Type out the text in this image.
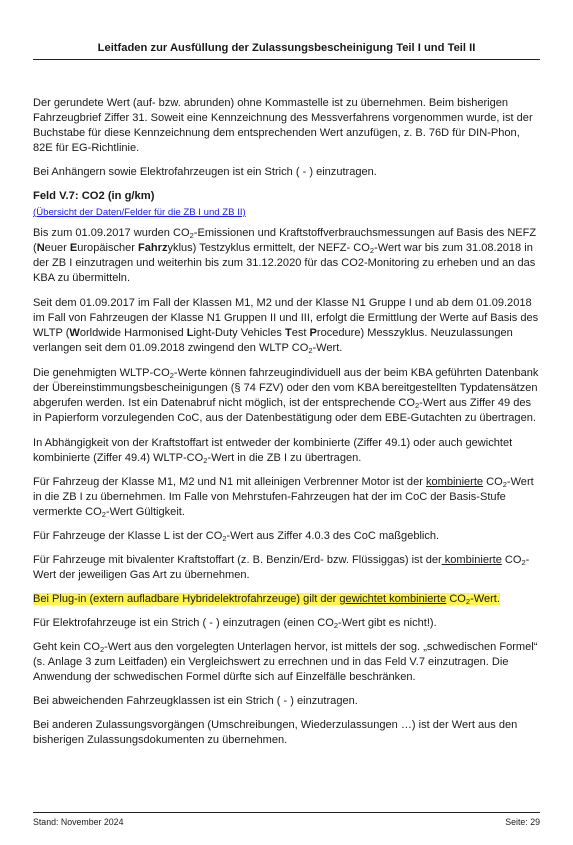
Leitfaden zur Ausfüllung der Zulassungsbescheinigung Teil I und Teil II

Der gerundete Wert (auf- bzw. abrunden) ohne Kommastelle ist zu übernehmen. Beim bisherigen Fahrzeugbrief Ziffer 31. Soweit eine Kennzeichnung des Messverfahrens vorgenommen wurde, ist der Buchstabe für diese Kennzeichnung dem entsprechenden Wert anzufügen, z. B. 76D für DIN-Phon, 82E für EG-Richtlinie.

Bei Anhängern sowie Elektrofahrzeugen ist ein Strich ( - ) einzutragen.

Feld V.7: CO2 (in g/km)
(Übersicht der Daten/Felder für die ZB I und ZB II)

Bis zum 01.09.2017 wurden $CO_2$-Emissionen und Kraftstoffverbrauchsmessungen auf Basis des NEFZ (Neuer Europäischer Fahrzyklus) Testzyklus ermittelt, der NEFZ- $CO_2$-Wert war bis zum 31.08.2018 in der ZB I einzutragen und weiterhin bis zum 31.12.2020 für das CO2-Monitoring zu erheben und an das KBA zu übermitteln.

Seit dem 01.09.2017 im Fall der Klassen M1, M2 und der Klasse N1 Gruppe I und ab dem 01.09.2018 im Fall von Fahrzeugen der Klasse N1 Gruppen II und III, erfolgt die Ermittlung der Werte auf Basis des WLTP (Worldwide Harmonised Light-Duty Vehicles Test Procedure) Messzyklus. Neuzulassungen verlangen seit dem 01.09.2018 zwingend den WLTP $CO_2$-Wert.

Die genehmigten WLTP-$CO_2$-Werte können fahrzeugindividuell aus der beim KBA geführten Datenbank der Übereinstimmungsbescheinigungen (§ 74 FZV) oder den vom KBA bereitgestellten Typdatensätzen abgerufen werden. Ist ein Datenabruf nicht möglich, ist der entsprechende $CO_2$-Wert aus Ziffer 49 des in Papierform vorzulegenden CoC, aus der Datenbestätigung oder dem EBE-Gutachten zu übertragen.

In Abhängigkeit von der Kraftstoffart ist entweder der kombinierte (Ziffer 49.1) oder auch gewichtet kombinierte (Ziffer 49.4) WLTP-$CO_2$-Wert in die ZB I zu übertragen.

Für Fahrzeug der Klasse M1, M2 und N1 mit alleinigen Verbrenner Motor ist der kombinierte $CO_2$-Wert in die ZB I zu übernehmen. Im Falle von Mehrstufen-Fahrzeugen hat der im CoC der Basis-Stufe vermerkte $CO_2$-Wert Gültigkeit.

Für Fahrzeuge der Klasse L ist der $CO_2$-Wert aus Ziffer 4.0.3 des CoC maßgeblich.

Für Fahrzeuge mit bivalenter Kraftstoffart (z. B. Benzin/Erd- bzw. Flüssiggas) ist der kombinierte $CO_2$-Wert der jeweiligen Gas Art zu übernehmen.

Bei Plug-in (extern aufladbare Hybridelektrofahrzeuge) gilt der gewichtet kombinierte $CO_2$-Wert.

Für Elektrofahrzeuge ist ein Strich ( - ) einzutragen (einen $CO_2$-Wert gibt es nicht!).

Geht kein $CO_2$-Wert aus den vorgelegten Unterlagen hervor, ist mittels der sog. „schwedischen Formel“ (s. Anlage 3 zum Leitfaden) ein Vergleichswert zu errechnen und in das Feld V.7 einzutragen. Die Anwendung der schwedischen Formel dürfte sich auf Einzelfälle beschränken.

Bei abweichenden Fahrzeugklassen ist ein Strich ( - ) einzutragen.

Bei anderen Zulassungsvorgängen (Umschreibungen, Wiederzulassungen …) ist der Wert aus den bisherigen Zulassungsdokumenten zu übernehmen.

Stand: November 2024	Seite: 29
